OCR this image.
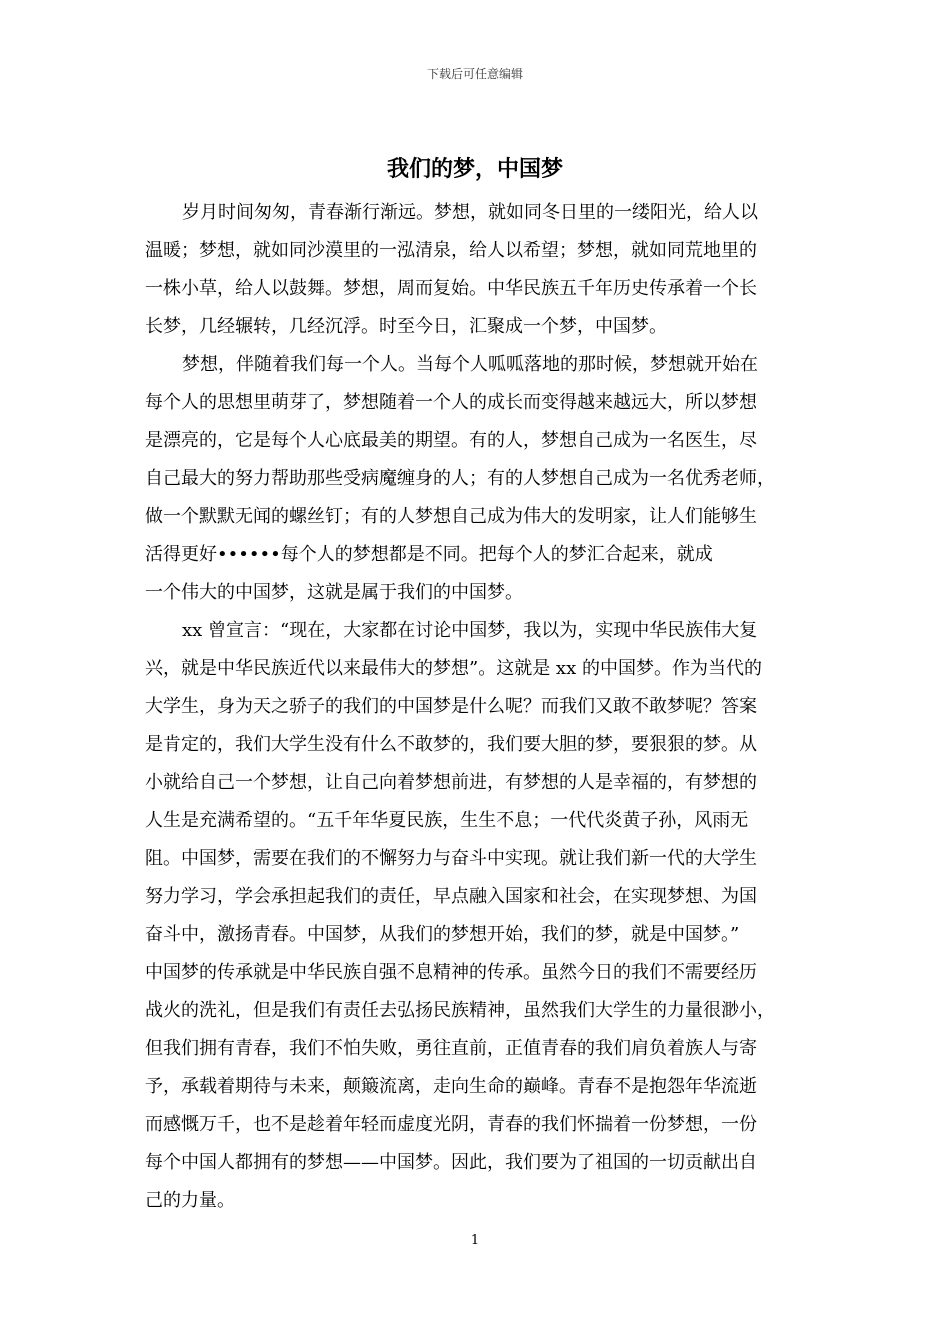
下载后可任意编辑
我们的梦，中国梦
岁月时间匆匆，青春渐行渐远。梦想，就如同冬日里的一缕阳光，给人以
温暖；梦想，就如同沙漠里的一泓清泉，给人以希望；梦想，就如同荒地里的
一株小草，给人以鼓舞。梦想，周而复始。中华民族五千年历史传承着一个长
长梦，几经辗转，几经沉浮。时至今日，汇聚成一个梦，中国梦。
梦想，伴随着我们每一个人。当每个人呱呱落地的那时候，梦想就开始在
每个人的思想里萌芽了，梦想随着一个人的成长而变得越来越远大，所以梦想
是漂亮的，它是每个人心底最美的期望。有的人，梦想自己成为一名医生，尽
自己最大的努力帮助那些受病魔缠身的人；有的人梦想自己成为一名优秀老师，
做一个默默无闻的螺丝钉；有的人梦想自己成为伟大的发明家，让人们能够生
活得更好••••••每个人的梦想都是不同。把每个人的梦汇合起来，就成
一个伟大的中国梦，这就是属于我们的中国梦。
xx 曾宣言：“现在，大家都在讨论中国梦，我以为，实现中华民族伟大复
兴，就是中华民族近代以来最伟大的梦想”。这就是 xx 的中国梦。作为当代的
大学生，身为天之骄子的我们的中国梦是什么呢？而我们又敢不敢梦呢？答案
是肯定的，我们大学生没有什么不敢梦的，我们要大胆的梦，要狠狠的梦。从
小就给自己一个梦想，让自己向着梦想前进，有梦想的人是幸福的，有梦想的
人生是充满希望的。“五千年华夏民族，生生不息；一代代炎黄子孙，风雨无
阻。中国梦，需要在我们的不懈努力与奋斗中实现。就让我们新一代的大学生
努力学习，学会承担起我们的责任，早点融入国家和社会，在实现梦想、为国
奋斗中，激扬青春。中国梦，从我们的梦想开始，我们的梦，就是中国梦。”
中国梦的传承就是中华民族自强不息精神的传承。虽然今日的我们不需要经历
战火的洗礼，但是我们有责任去弘扬民族精神，虽然我们大学生的力量很渺小，
但我们拥有青春，我们不怕失败，勇往直前，正值青春的我们肩负着族人与寄
予，承载着期待与未来，颠簸流离，走向生命的巅峰。青春不是抱怨年华流逝
而感慨万千，也不是趁着年轻而虚度光阴，青春的我们怀揣着一份梦想，一份
每个中国人都拥有的梦想——中国梦。因此，我们要为了祖国的一切贡献出自
己的力量。
1
